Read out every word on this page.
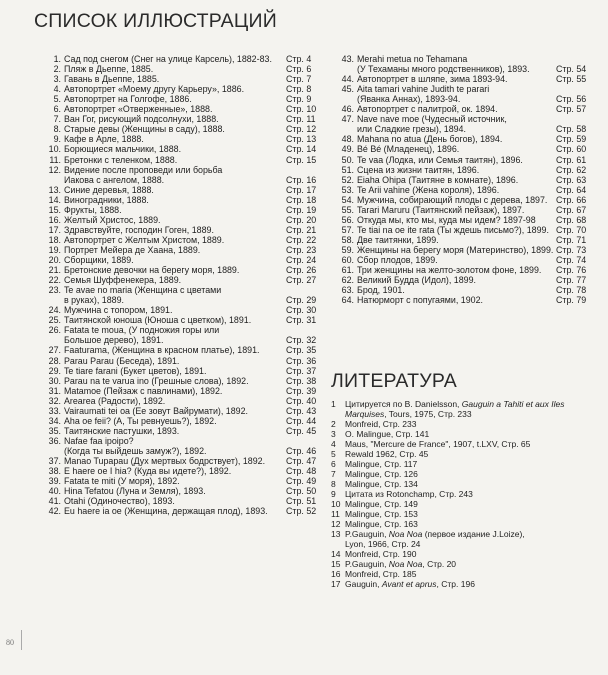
СПИСОК ИЛЛЮСТРАЦИЙ
ЛИТЕРАТУРА
1. Сад под снегом (Снег на улице Карсель), 1882-83. Стр. 4
2. Пляж в Дьеппе, 1885.	Стр. 6
3. Гавань в Дьеппе, 1885.	Стр. 7
4. Автопортрет «Моему другу Карьеру», 1886.	Стр. 8
5. Автопортрет на Голгофе, 1886.	Стр. 9
6. Автопортрет «Отверженные», 1888.	Стр. 10
7. Ван Гог, рисующий подсолнухи, 1888.	Стр. 11
8. Старые девы (Женщины в саду), 1888.	Стр. 12
9. Кафе в Арле, 1888.	Стр. 13
10. Борющиеся мальчики, 1888.	Стр. 14
11. Бретонки с теленком, 1888.	Стр. 15
12. Видение после проповеди или борьба
Иакова с ангелом, 1888.	Стр. 16
13. Синие деревья, 1888.	Стр. 17
14. Виноградники, 1888.	Стр. 18
15. Фрукты, 1888.	Стр. 19
16. Желтый Христос, 1889.	Стр. 20
17. Здравствуйте, господин Гоген, 1889.	Стр. 21
18. Автопортрет с Желтым Христом, 1889.	Стр. 22
19. Портрет Мейера де Хаана, 1889.	Стр. 23
20. Сборщики, 1889.	Стр. 24
21. Бретонские девочки на берегу моря, 1889.	Стр. 26
22. Семья Шуффенекера, 1889.	Стр. 27
23. Te avae no maria (Женщина с цветами
в руках), 1889.	Стр. 29
24. Мужчина с топором, 1891.	Стр. 30
25. Таитянской юноша (Юноша с цветком), 1891.	Стр. 31
26. Fatata te moua, (У подножия горы или
Большое дерево), 1891.	Стр. 32
27. Faaturama, (Женщина в красном платье), 1891.	Стр. 35
28. Parau Parau (Беседа), 1891.	Стр. 36
29. Te tiare farani (Букет цветов), 1891.	Стр. 37
30. Parau na te varua ino (Грешные слова), 1892.	Стр. 38
31. Matamoe (Пейзаж с павлинами), 1892.	Стр. 39
32. Arearea (Радости), 1892.	Стр. 40
33. Vairaumati tei oa (Ее зовут Вайрумати), 1892.	Стр. 43
34. Aha oe feii? (А, Ты ревнуешь?), 1892.	Стр. 44
35. Таитянские пастушки, 1893.	Стр. 45
36. Nafae faa ipoipo?
(Когда ты выйдешь замуж?), 1892.	Стр. 46
37. Manao Tupapau (Дух мертвых бодрствует), 1892. Стр. 47
38. E haere oe I hia? (Куда вы идете?), 1892.	Стр. 48
39. Fatata te miti (У моря), 1892.	Стр. 49
40. Hina Tefatou (Луна и Земля), 1893.	Стр. 50
41. Otahi (Одиночество), 1893.	Стр. 51
42. Eu haere ia oe (Женщина, держащая плод), 1893. Стр. 52
43. Merahi metua no Tehamana
(У Техаманы много родственников), 1893.	Стр. 54
44. Автопортрет в шляпе, зима 1893-94.	Стр. 55
45. Aita tamari vahine Judith te parari
(Яванка Аннах), 1893-94.	Стр. 56
46. Автопортрет с палитрой, ок. 1894.	Стр. 57
47. Nave nave moe (Чудесный источник,
или Сладкие грезы), 1894.	Стр. 58
48. Mahana no atua (День богов), 1894.	Стр. 59
49. Bé Bé (Младенец), 1896.	Стр. 60
50. Te vaa (Лодка, или Семья таитян), 1896.	Стр. 61
51. Сцена из жизни таитян, 1896.	Стр. 62
52. Eiaha Ohipa (Таитяне в комнате), 1896.	Стр. 63
53. Te Arii vahine (Жена короля), 1896.	Стр. 64
54. Мужчина, собирающий плоды с дерева, 1897. Стр. 66
55. Tarari Maruru (Таитянский пейзаж), 1897.	Стр. 67
56. Откуда мы, кто мы, куда мы идем? 1897-98 Стр. 68
57. Te tiai na oe ite rata (Ты ждешь письмо?), 1899. Стр. 70
58. Две таитянки, 1899.	Стр. 71
59. Женщины на берегу моря (Материнство), 1899. Стр. 73
60. Сбор плодов, 1899.	Стр. 74
61. Три женщины на желто-золотом фоне, 1899. Стр. 76
62. Великий Будда (Идол), 1899.	Стр. 77
63. Брод, 1901.	Стр. 78
64. Натюрморт с попугаями, 1902.	Стр. 79
1	Цитируется по B. Danielsson, Gauguin a Tahiti et aux Iles
Marquises, Tours, 1975, Стр. 233
2	Monfreid, Стр. 233
3	O. Malingue, Стр. 141
4	Maus, "Mercure de France", 1907, t.LXV, Стр. 65
5	Rewald 1962, Стр. 45
6	Malingue, Стр. 117
7	Malingue, Стр. 126
8	Malingue, Стр. 134
9	Цитата из Rotonchamp, Стр. 243
10 Malingue, Стр. 149
11 Malingue, Стр. 153
12 Malingue, Стр. 163
13 P.Gauguin, Noa Noa (первое издание J.Loize),
Lyon, 1966, Стр. 24
14 Monfreid, Стр. 190
15 P.Gauguin, Noa Noa, Стр. 20
16 Monfreid, Стр. 185
17 Gauguin, Avant et aprиs, Стр. 196
80
